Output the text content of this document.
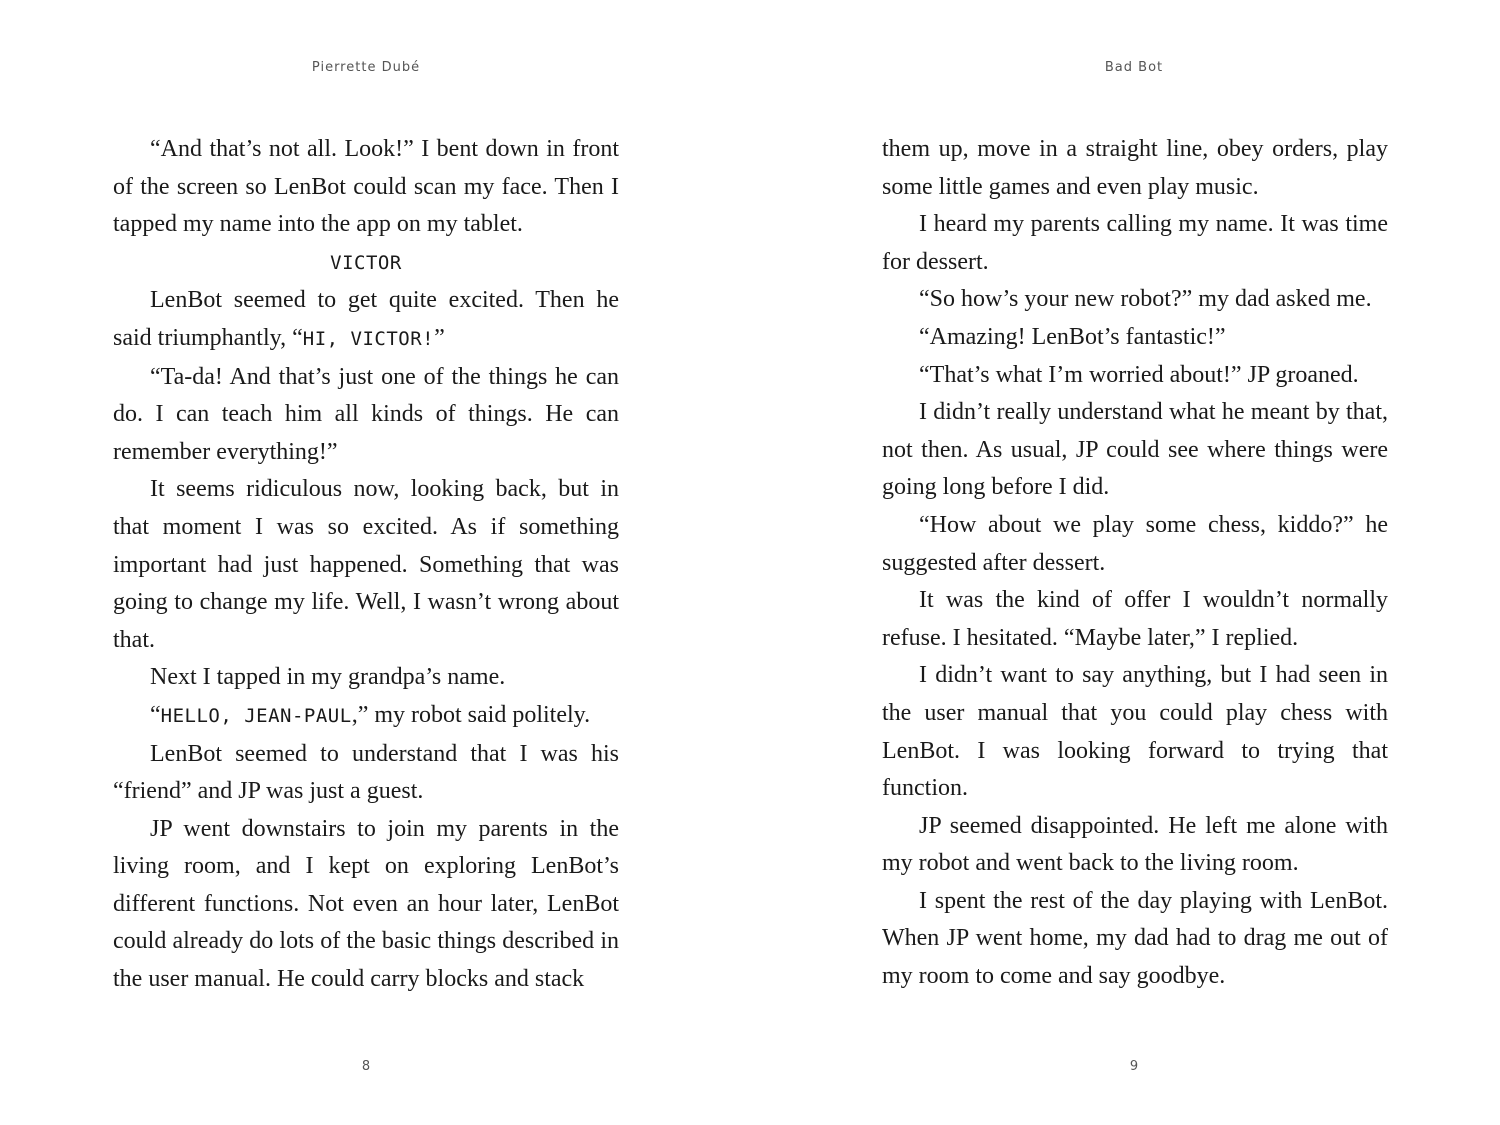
Pierrette Dubé

“And that’s not all. Look!” I bent down in front of the screen so LenBot could scan my face. Then I tapped my name into the app on my tablet.

VICTOR

LenBot seemed to get quite excited. Then he said triumphantly, “HI, VICTOR!”

“Ta-da! And that’s just one of the things he can do. I can teach him all kinds of things. He can remember everything!”

It seems ridiculous now, looking back, but in that moment I was so excited. As if something important had just happened. Something that was going to change my life. Well, I wasn’t wrong about that.

Next I tapped in my grandpa’s name.

“HELLO, JEAN-PAUL,” my robot said politely.

LenBot seemed to understand that I was his “friend” and JP was just a guest.

JP went downstairs to join my parents in the living room, and I kept on exploring LenBot’s different functions. Not even an hour later, LenBot could already do lots of the basic things described in the user manual. He could carry blocks and stack

8
Bad Bot

them up, move in a straight line, obey orders, play some little games and even play music.

I heard my parents calling my name. It was time for dessert.

“So how’s your new robot?” my dad asked me.

“Amazing! LenBot’s fantastic!”

“That’s what I’m worried about!” JP groaned.

I didn’t really understand what he meant by that, not then. As usual, JP could see where things were going long before I did.

“How about we play some chess, kiddo?” he suggested after dessert.

It was the kind of offer I wouldn’t normally refuse. I hesitated. “Maybe later,” I replied.

I didn’t want to say anything, but I had seen in the user manual that you could play chess with LenBot. I was looking forward to trying that function.

JP seemed disappointed. He left me alone with my robot and went back to the living room.

I spent the rest of the day playing with LenBot. When JP went home, my dad had to drag me out of my room to come and say goodbye.

9
